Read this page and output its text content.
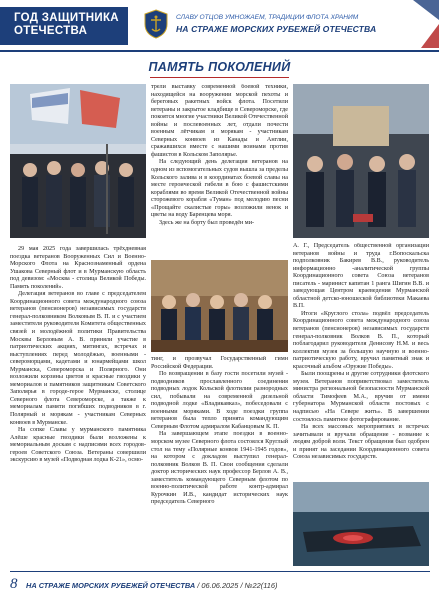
ГОД ЗАЩИТНИКА
ОТЕЧЕСТВА
СЛАВУ ОТЦОВ УМНОЖАЕМ, ТРАДИЦИИ ФЛОТА ХРАНИМ
НА СТРАЖЕ МОРСКИХ РУБЕЖЕЙ ОТЕЧЕСТВА
ПАМЯТЬ ПОКОЛЕНИЙ

29 мая 2025 года завершилась трёхдневная поездка ветеранов Вооруженных Сил и Военно-Морского Флота на Краснознаменный ордена Ушакова Северный флот и в Мурманскую область под девизом: «Москва - столица Великой Победы. Память поколений».

Делегация ветеранов во главе с председателем Координационного совета международного союза ветеранов (пенсионеров) независимых государств генерал-полковником Волковым В. П. и с участием заместителя руководителя Комитета общественных связей и молодёжной политики Правительства Москвы Берловым А. В. приняли участие в патриотических акциях, митингах, встречах и выступлениях перед молодёжью, военными - североморцами, кадетами и юнармейцами школ Мурманска, Североморска и Полярного. Они возложили корзины цветов и красные гвоздики у мемориалов и памятников защитникам Советского Заполярья в городе-герое Мурманске, столице Северного флота Североморске, а также к мемориалам памяти погибших подводников в г. Полярный и морякам - участникам Северных конвоев в Мурманске.

На сопке Славы у мурманского памятника Алёше красные гвоздики были возложены к мемориальным доскам с надписями всех городов-героев Советского Союза. Ветераны совершили экскурсию в музей «Подводная лодка К-21», осмо-

трели выставку современной боевой техники, находящейся на вооружении морской пехоты и береговых ракетных войск флота. Посетили ветераны и закрытое кладбище в Североморске, где покоятся многие участники Великой Отечественной войны и послевоенных лет, отдали почести военным лётчикам и морякам - участникам Северных конвоев из Канады и Англии, сражавшихся вместе с нашими воинами против фашистов в Кольском Заполярье.

На следующий день делегация ветеранов на одном из вспомогательных судов вышла за пределы Кольского залива и в координатах боевой славы на месте героической гибели в бою с фашистскими кораблями во время Великой Отечественной войны сторожевого корабля «Туман» под мелодию песни «Прощайте скалистые горы» возложили венок и цветы на воду Баренцева моря.

Здесь же на борту был проведён ми-

тинг, и прозвучал Государственный гимн Российской Федерации.

По возвращении в базу гости посетили музей - подводников прославленного соединения подводных лодок Кольской флотилии разнородных сил, побывали на современной дизельной подводной лодке «Владикавказ», побеседовали с военными моряками. В ходе поездки группа ветеранов была тепло принята командующим Северным Флотом адмиралом Кабанцовым К. П.

На завершающем этапе поездки в военно-морском музее Северного флота состоялся Круглый стол на тему «Полярные конвои 1941-1945 годов», на котором с докладом выступил генерал-полковник Волков В. П. Свои сообщения сделали доктор исторических наук профессор Берлов А. В., заместитель командующего Северным флотом по военно-политической работе контр-адмирал Курочкин И.В., кандидат исторических наук председатель Северного

А. Г., Председатель общественной организации ветеранов войны и труда г.Вопоскальска подполковник Бакирев В.В., руководитель информационно -аналитической группы Координационного совета Союза ветеранов писатель - маринист капитан 1 ранга Шигин В.В. и заведующая Центром краеведения Мурманской областной детско-юношеской библиотеки Макаева В.П.

Итоги «Круглого стола» подвёл председатель Координационного совета международного союза ветеранов (пенсионеров) независимых государств генерал-полковник Волков В. П., который поблагодарил руководителя Денисову Н.М. и весь коллектив музея за большую научную и военно-патриотическую работу, вручил памятный знак и красочный альбом «Оружие Победы».

Были поощрены и другие сотрудники флотского музея. Ветеранов поприветствовал заместитель министра региональной безопасности Мурманской области Тимофеев М.А., вручив от имени губернатора Мурманской области постовых с надписью «На Севере жить». В завершении состоялось памятное фотографирование.

На всех массовых мероприятиях и встречах зачитывали и вручали обращение - возвание к людям доброй воли. Текст обращения был одобрен и принят на заседании Координационного совета Союза независимых государств.

8 НА СТРАЖЕ МОРСКИХ РУБЕЖЕЙ ОТЕЧЕСТВА / 06.06.2025 / №22(116)
